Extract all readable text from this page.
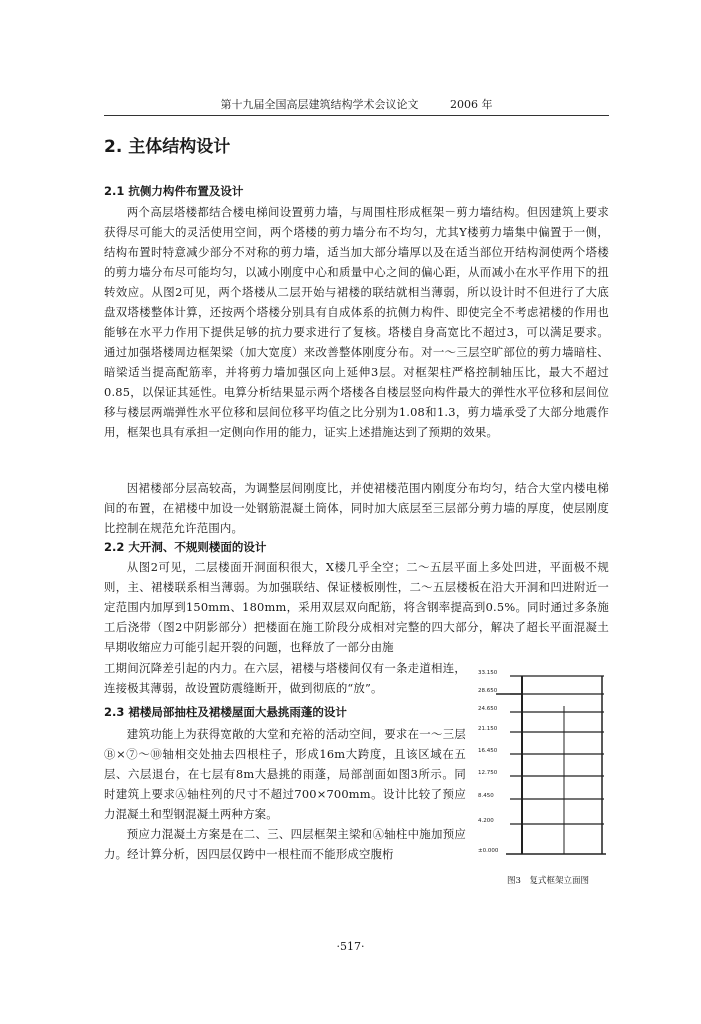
第十九届全国高层建筑结构学术会议论文	2006 年
2. 主体结构设计
2.1 抗侧力构件布置及设计

两个高层塔楼都结合楼电梯间设置剪力墙，与周围柱形成框架－剪力墙结构。但因建筑上要求获得尽可能大的灵活使用空间，两个塔楼的剪力墙分布不均匀，尤其Y楼剪力墙集中偏置于一侧，结构布置时特意减少部分不对称的剪力墙，适当加大部分墙厚以及在适当部位开结构洞使两个塔楼的剪力墙分布尽可能均匀，以减小刚度中心和质量中心之间的偏心距，从而减小在水平作用下的扭转效应。从图2可见，两个塔楼从二层开始与裙楼的联结就相当薄弱，所以设计时不但进行了大底盘双塔楼整体计算，还按两个塔楼分别具有自成体系的抗侧力构件、即使完全不考虑裙楼的作用也能够在水平力作用下提供足够的抗力要求进行了复核。塔楼自身高宽比不超过3，可以满足要求。通过加强塔楼周边框架梁（加大宽度）来改善整体刚度分布。对一～三层空旷部位的剪力墙暗柱、暗梁适当提高配筋率，并将剪力墙加强区向上延伸3层。对框架柱严格控制轴压比，最大不超过0.85，以保证其延性。电算分析结果显示两个塔楼各自楼层竖向构件最大的弹性水平位移和层间位移与楼层两端弹性水平位移和层间位移平均值之比分别为1.08和1.3，剪力墙承受了大部分地震作用，框架也具有承担一定侧向作用的能力，证实上述措施达到了预期的效果。

因裙楼部分层高较高，为调整层间刚度比，并使裙楼范围内刚度分布均匀，结合大堂内楼电梯间的布置，在裙楼中加设一处钢筋混凝土筒体，同时加大底层至三层部分剪力墙的厚度，使层刚度比控制在规范允许范围内。

2.2 大开洞、不规则楼面的设计

从图2可见，二层楼面开洞面积很大，X楼几乎全空；二～五层平面上多处凹进，平面极不规则，主、裙楼联系相当薄弱。为加强联结、保证楼板刚性，二～五层楼板在沿大开洞和凹进附近一定范围内加厚到150mm、180mm，采用双层双向配筋，将含钢率提高到0.5%。同时通过多条施工后浇带（图2中阴影部分）把楼面在施工阶段分成相对完整的四大部分，解决了超长平面混凝土早期收缩应力可能引起开裂的问题，也释放了一部分由施

工期间沉降差引起的内力。在六层，裙楼与塔楼间仅有一条走道相连，连接极其薄弱，故设置防震缝断开，做到彻底的“放”。

2.3 裙楼局部抽柱及裙楼屋面大悬挑雨蓬的设计

建筑功能上为获得宽敞的大堂和充裕的活动空间，要求在一～三层Ⓑ×⑦～⑩轴相交处抽去四根柱子，形成16m大跨度，且该区域在五层、六层退台，在七层有8m大悬挑的雨蓬，局部剖面如图3所示。同时建筑上要求Ⓐ轴柱列的尺寸不超过700×700mm。设计比较了预应力混凝土和型钢混凝土两种方案。

预应力混凝土方案是在二、三、四层框架主梁和Ⓐ轴柱中施加预应力。经计算分析，因四层仅跨中一根柱而不能形成空腹桁

33.150
28.650
24.650
21.150
16.450
12.750
8.450
4.200
±0.000
图3　复式框架立面图
·517·
